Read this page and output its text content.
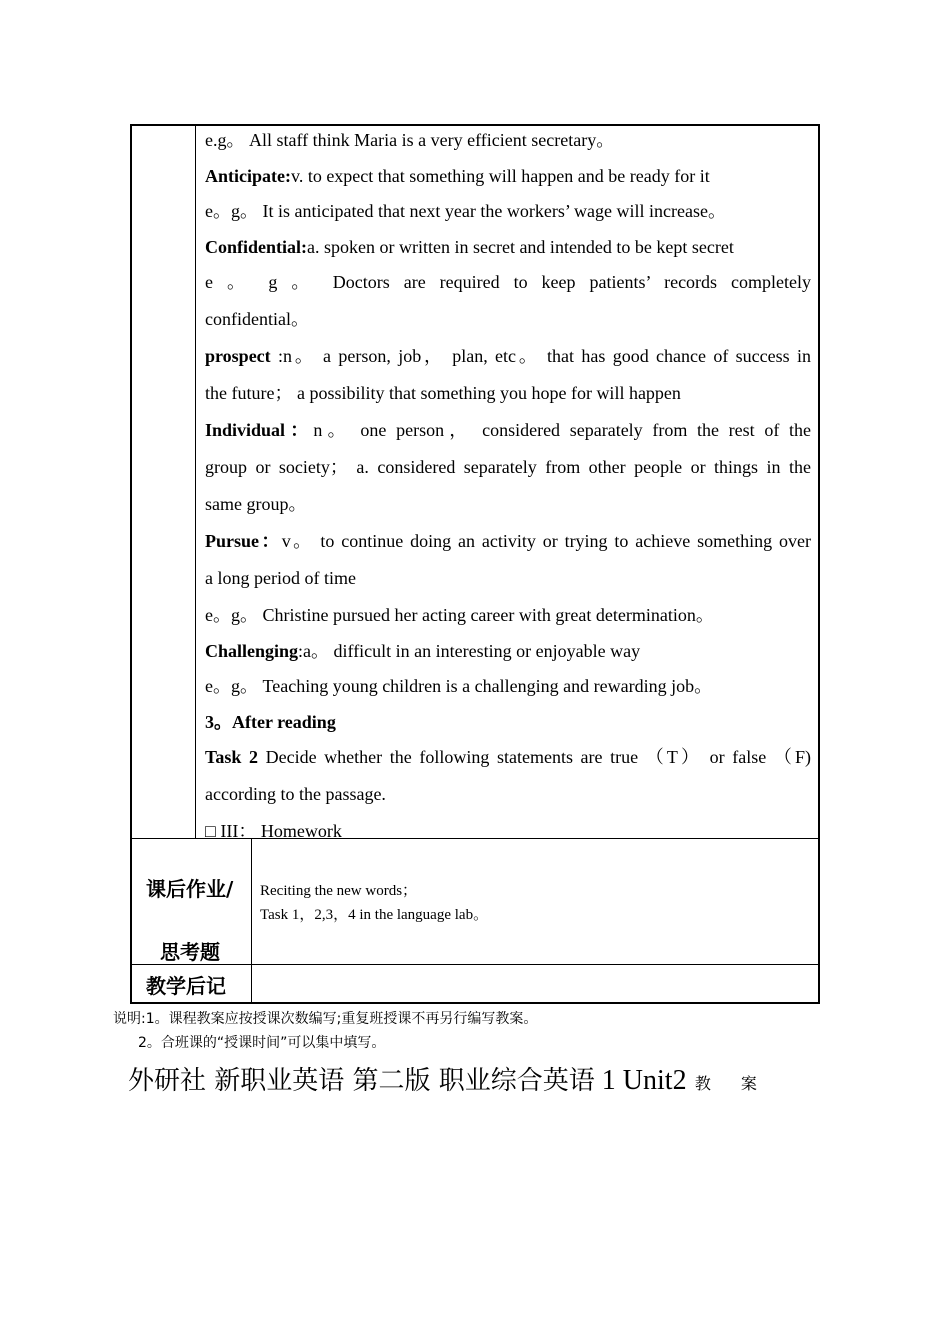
e.g。 All staff think Maria is a very efficient secretary。
Anticipate:v. to expect that something will happen and be ready for it
e。g。 It is anticipated that next year the workers’ wage will increase。
Confidential:a. spoken or written in secret and intended to be kept secret
e 。 g 。 Doctors are required to keep patients’ records completely
confidential。
prospect :n。 a person, job， plan, etc。 that has good chance of success in
the future； a possibility that something you hope for will happen
Individual：n。 one person， considered separately from the rest of the
group or society； a. considered separately from other people or things in the
same group。
Pursue：v。 to continue doing an activity or trying to achieve something over
a long period of time
e。g。 Christine pursued her acting career with great determination。
Challenging:a。 difficult in an interesting or enjoyable way
e。g。 Teaching young children is a challenging and rewarding job。
3。After reading
Task 2 Decide whether the following statements are true （T） or false （F)
according to the passage.
□ III： Homework
课后作业/
思考题
Reciting the new words；
Task 1，2,3，4 in the language lab。
教学后记
说明:1。课程教案应按授课次数编写;重复班授课不再另行编写教案。
2。合班课的“授课时间”可以集中填写。
外研社 新职业英语 第二版 职业综合英语 1 Unit2 教 案
